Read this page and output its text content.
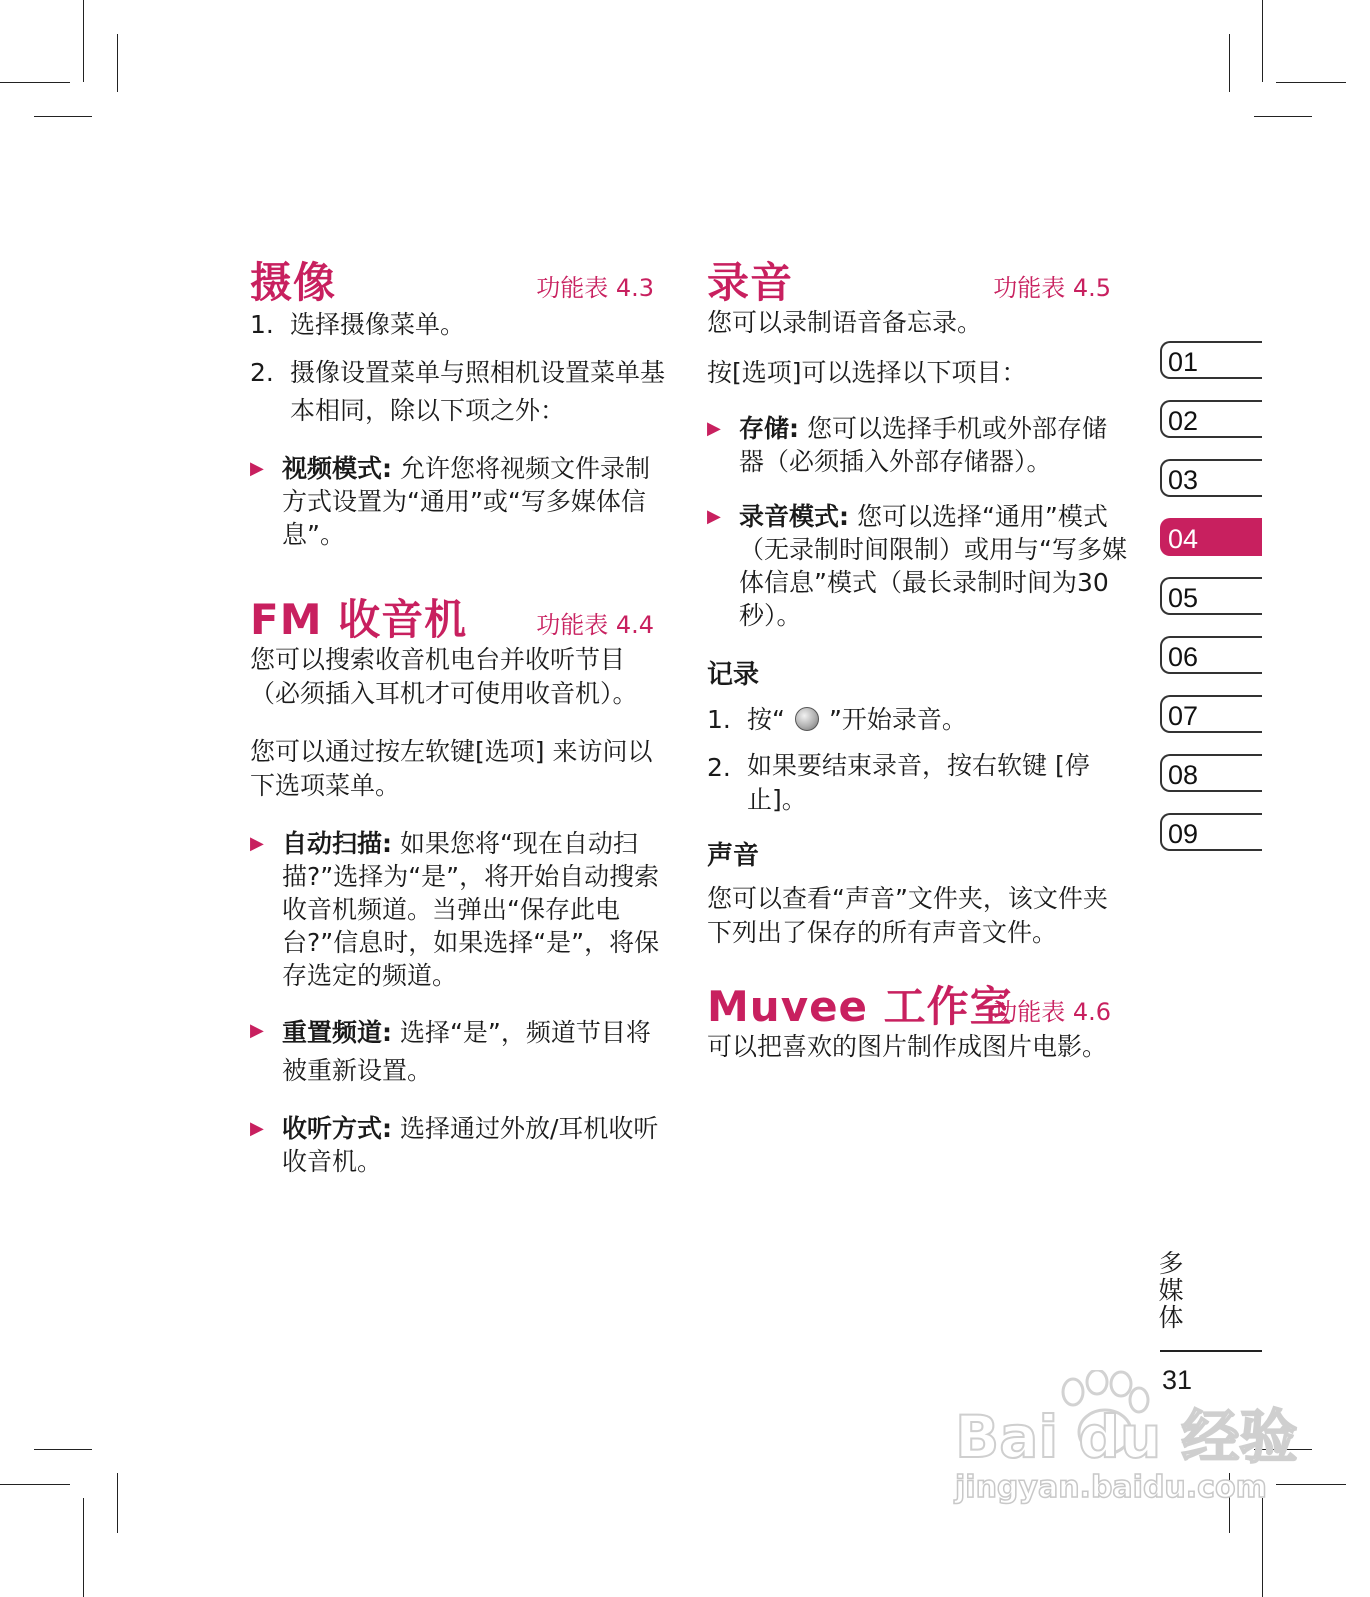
摄像	功能表 4.3
1. 选择摄像菜单。
2. 摄像设置菜单与照相机设置菜单基本相同，除以下项之外：
▶ 视频模式: 允许您将视频文件录制方式设置为“通用”或“写多媒体信息”。
FM 收音机	功能表 4.4

您可以搜索收音机电台并收听节目（必须插入耳机才可使用收音机）。

您可以通过按左软键[选项] 来访问以下选项菜单。

▶ 自动扫描: 如果您将“现在自动扫描?”选择为“是”，将开始自动搜索收音机频道。当弹出“保存此电台?”信息时，如果选择“是”，将保存选定的频道。
▶ 重置频道: 选择“是”，频道节目将被重新设置。
▶ 收听方式: 选择通过外放/耳机收听收音机。
录音	功能表 4.5

您可以录制语音备忘录。

按[选项]可以选择以下项目：

▶ 存储: 您可以选择手机或外部存储器（必须插入外部存储器）。
▶ 录音模式: 您可以选择“通用”模式（无录制时间限制）或用与“写多媒体信息”模式（最长录制时间为30秒）。
记录
1. 按“ ”开始录音。
2. 如果要结束录音，按右软键 [停止]。
声音

您可以查看“声音”文件夹，该文件夹下列出了保存的所有声音文件。

Muvee 工作室
功能表 4.6

可以把喜欢的图片制作成图片电影。

01
02
03
04
05
06
07
08
09
多媒体
31
Bai du 经验
jingyan.baidu.com
